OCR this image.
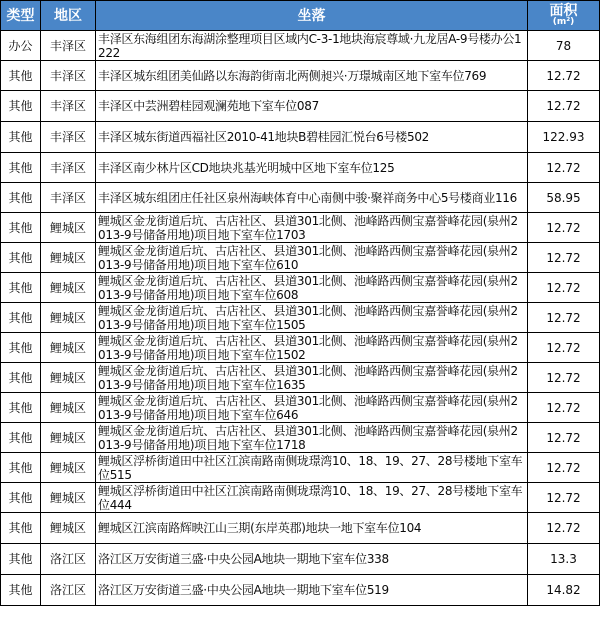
类型	地区	坐落	面积
(m²)

办公	丰泽区	丰泽区东海组团东海湖涂整理项目区域内C-3-1地块海宸尊域·九龙居A-9号楼办公1222	78
其他	丰泽区	丰泽区城东组团美仙路以东海韵街南北两侧昶兴·万璟城南区地下室车位769	12.72
其他	丰泽区	丰泽区中芸洲碧桂园观澜苑地下室车位087	12.72
其他	丰泽区	丰泽区城东街道西福社区2010-41地块B碧桂园汇悦台6号楼502	122.93
其他	丰泽区	丰泽区南少林片区CD地块兆基光明城中区地下室车位125	12.72
其他	丰泽区	丰泽区城东组团庄任社区泉州海峡体育中心南侧中骏·聚祥商务中心5号楼商业116	58.95
其他	鲤城区	鲤城区金龙街道后坑、古店社区、县道301北侧、池峰路西侧宝嘉誉峰花园(泉州2013-9号储备用地)项目地下室车位1703	12.72
其他	鲤城区	鲤城区金龙街道后坑、古店社区、县道301北侧、池峰路西侧宝嘉誉峰花园(泉州2013-9号储备用地)项目地下室车位610	12.72
其他	鲤城区	鲤城区金龙街道后坑、古店社区、县道301北侧、池峰路西侧宝嘉誉峰花园(泉州2013-9号储备用地)项目地下室车位608	12.72
其他	鲤城区	鲤城区金龙街道后坑、古店社区、县道301北侧、池峰路西侧宝嘉誉峰花园(泉州2013-9号储备用地)项目地下室车位1505	12.72
其他	鲤城区	鲤城区金龙街道后坑、古店社区、县道301北侧、池峰路西侧宝嘉誉峰花园(泉州2013-9号储备用地)项目地下室车位1502	12.72
其他	鲤城区	鲤城区金龙街道后坑、古店社区、县道301北侧、池峰路西侧宝嘉誉峰花园(泉州2013-9号储备用地)项目地下室车位1635	12.72
其他	鲤城区	鲤城区金龙街道后坑、古店社区、县道301北侧、池峰路西侧宝嘉誉峰花园(泉州2013-9号储备用地)项目地下室车位646	12.72
其他	鲤城区	鲤城区金龙街道后坑、古店社区、县道301北侧、池峰路西侧宝嘉誉峰花园(泉州2013-9号储备用地)项目地下室车位1718	12.72
其他	鲤城区	鲤城区浮桥街道田中社区江滨南路南侧珑璟湾10、18、19、27、28号楼地下室车位515	12.72
其他	鲤城区	鲤城区浮桥街道田中社区江滨南路南侧珑璟湾10、18、19、27、28号楼地下室车位444	12.72
其他	鲤城区	鲤城区江滨南路辉映江山三期(东岸英郡)地块一地下室车位104	12.72
其他	洛江区	洛江区万安街道三盛·中央公园A地块一期地下室车位338	13.3
其他	洛江区	洛江区万安街道三盛·中央公园A地块一期地下室车位519	14.82
